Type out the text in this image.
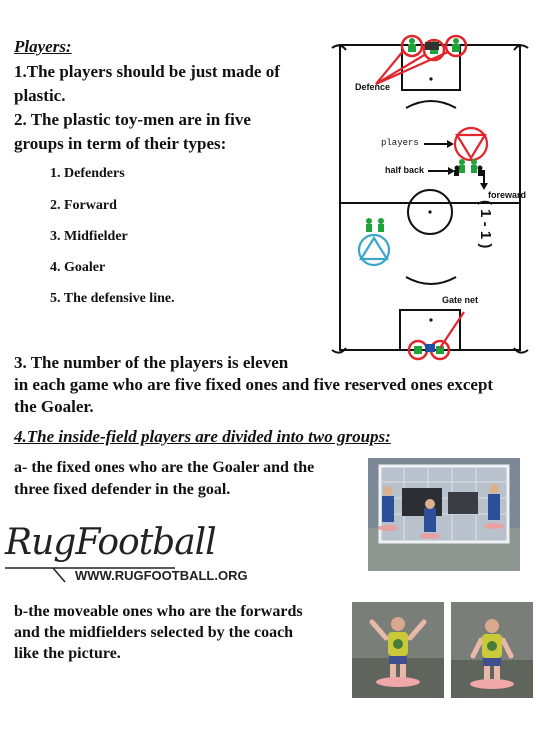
Players:
1.The players should be just made of
plastic.
2. The plastic toy-men are in five
groups in term of their types:
1. Defenders
2. Forward
3. Midfielder
4. Goaler
5. The defensive line.
Defence
players
half back
foreward
Gate net
( 1 - 1 )
3. The number of the players is eleven
in each game who are five fixed ones and five reserved ones except
the Goaler.
4.The inside-field players are divided into two groups:
a- the fixed ones who are the Goaler and the
three fixed defender in the goal.
RugFootball
WWW.RUGFOOTBALL.ORG
b-the moveable ones who are the forwards
and the midfielders selected by the coach
like the picture.
